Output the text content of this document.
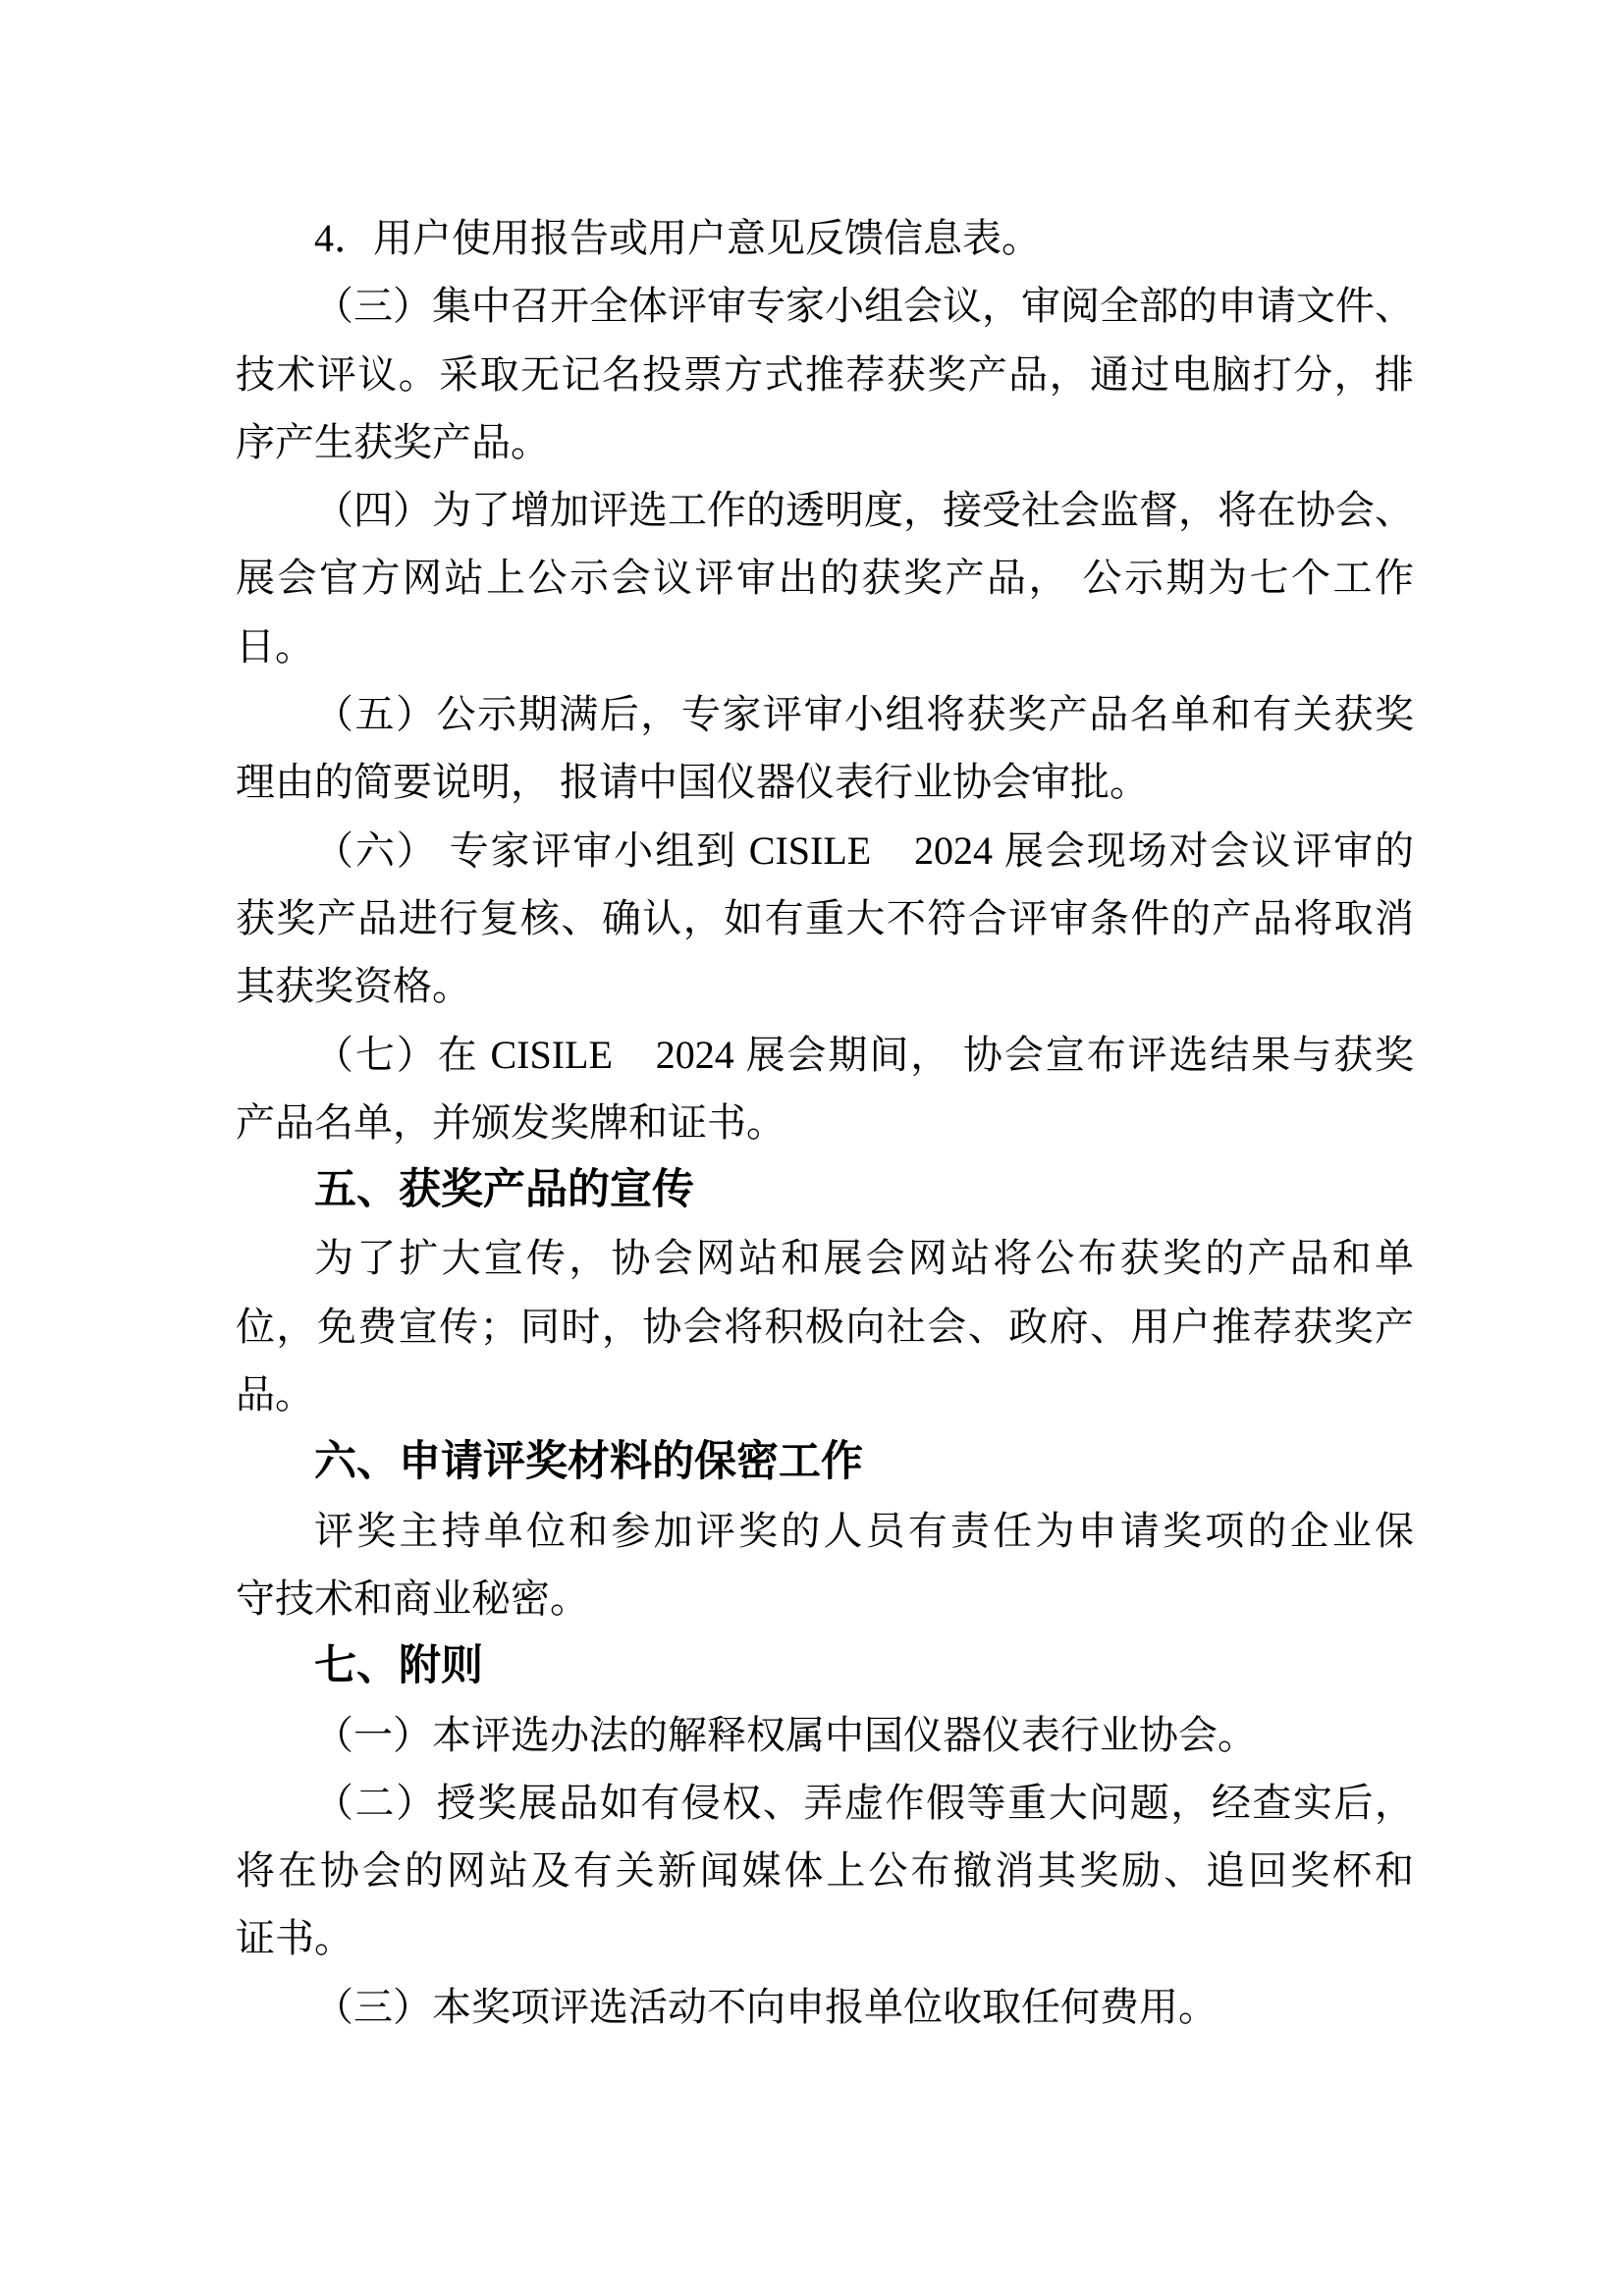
4．用户使用报告或用户意见反馈信息表。
（三）集中召开全体评审专家小组会议，审阅全部的申请文件、
技术评议。采取无记名投票方式推荐获奖产品，通过电脑打分，排
序产生获奖产品。
（四）为了增加评选工作的透明度，接受社会监督，将在协会、
展会官方网站上公示会议评审出的获奖产品， 公示期为七个工作
日。
（五）公示期满后，专家评审小组将获奖产品名单和有关获奖
理由的简要说明， 报请中国仪器仪表行业协会审批。
（六） 专家评审小组到 CISILE　2024 展会现场对会议评审的
获奖产品进行复核、确认，如有重大不符合评审条件的产品将取消
其获奖资格。
（七）在 CISILE　2024 展会期间， 协会宣布评选结果与获奖
产品名单，并颁发奖牌和证书。
五、获奖产品的宣传
为了扩大宣传，协会网站和展会网站将公布获奖的产品和单
位，免费宣传；同时，协会将积极向社会、政府、用户推荐获奖产
品。
六、申请评奖材料的保密工作
评奖主持单位和参加评奖的人员有责任为申请奖项的企业保
守技术和商业秘密。
七、附则
（一）本评选办法的解释权属中国仪器仪表行业协会。
（二）授奖展品如有侵权、弄虚作假等重大问题，经查实后，
将在协会的网站及有关新闻媒体上公布撤消其奖励、追回奖杯和
证书。
（三）本奖项评选活动不向申报单位收取任何费用。
